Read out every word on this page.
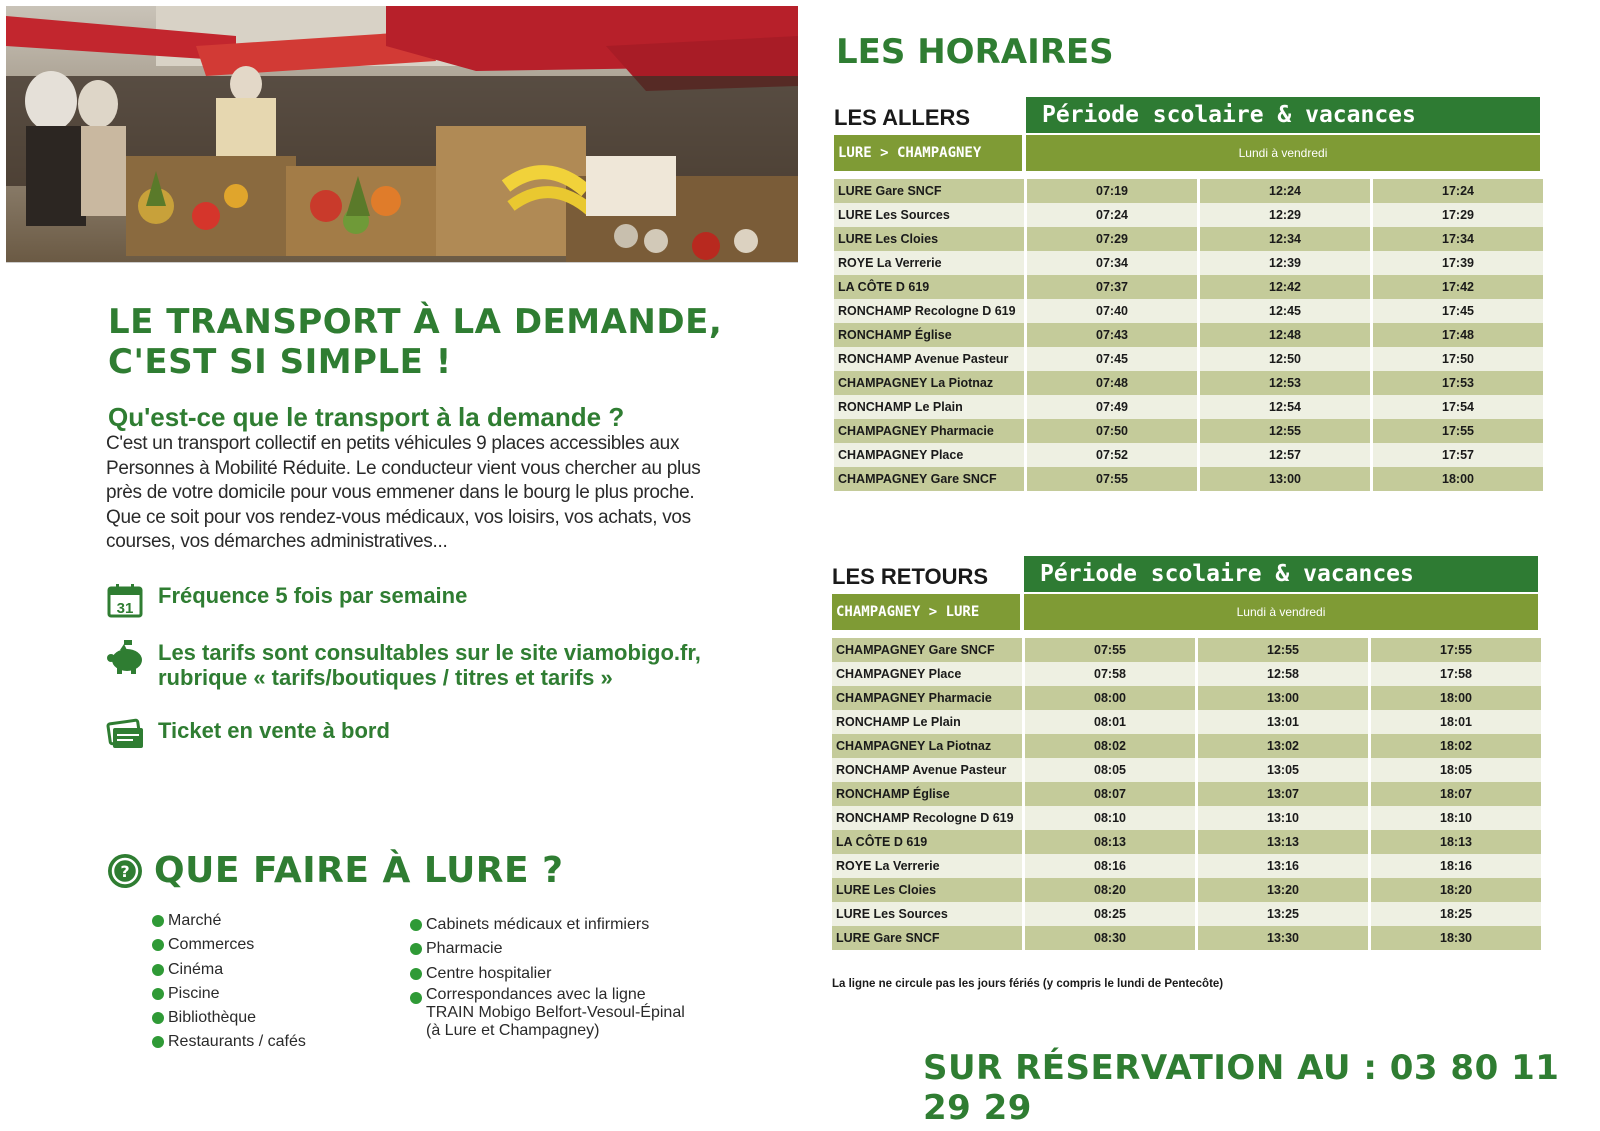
LE TRANSPORT À LA DEMANDE,
C'EST SI SIMPLE !
Qu'est-ce que le transport à la demande ?

C'est un transport collectif en petits véhicules 9 places accessibles aux Personnes à Mobilité Réduite. Le conducteur vient vous chercher au plus près de votre domicile pour vous emmener dans le bourg le plus proche. Que ce soit pour vos rendez-vous médicaux, vos loisirs, vos achats, vos courses, vos démarches administratives...

31
Fréquence 5 fois par semaine
Les tarifs sont consultables sur le site viamobigo.fr,
rubrique « tarifs/boutiques / titres et tarifs »
Ticket en vente à bord
? QUE FAIRE À LURE ?
Marché
Commerces
Cinéma
Piscine
Bibliothèque
Restaurants / cafés
Cabinets médicaux et infirmiers
Pharmacie
Centre hospitalier
Correspondances avec la ligne
TRAIN Mobigo Belfort-Vesoul-Épinal
(à Lure et Champagney)
LES HORAIRES
LES ALLERS	Période scolaire & vacances
LURE > CHAMPAGNEY	Lundi à vendredi
LURE Gare SNCF	07:19	12:24	17:24
LURE Les Sources	07:24	12:29	17:29
LURE Les Cloies	07:29	12:34	17:34
ROYE La Verrerie	07:34	12:39	17:39
LA CÔTE D 619	07:37	12:42	17:42
RONCHAMP Recologne D 619	07:40	12:45	17:45
RONCHAMP Église	07:43	12:48	17:48
RONCHAMP Avenue Pasteur	07:45	12:50	17:50
CHAMPAGNEY La Piotnaz	07:48	12:53	17:53
RONCHAMP Le Plain	07:49	12:54	17:54
CHAMPAGNEY Pharmacie	07:50	12:55	17:55
CHAMPAGNEY Place	07:52	12:57	17:57
CHAMPAGNEY Gare SNCF	07:55	13:00	18:00
LES RETOURS	Période scolaire & vacances
CHAMPAGNEY > LURE	Lundi à vendredi
CHAMPAGNEY Gare SNCF	07:55	12:55	17:55
CHAMPAGNEY Place	07:58	12:58	17:58
CHAMPAGNEY Pharmacie	08:00	13:00	18:00
RONCHAMP Le Plain	08:01	13:01	18:01
CHAMPAGNEY La Piotnaz	08:02	13:02	18:02
RONCHAMP Avenue Pasteur	08:05	13:05	18:05
RONCHAMP Église	08:07	13:07	18:07
RONCHAMP Recologne D 619	08:10	13:10	18:10
LA CÔTE D 619	08:13	13:13	18:13
ROYE La Verrerie	08:16	13:16	18:16
LURE Les Cloies	08:20	13:20	18:20
LURE Les Sources	08:25	13:25	18:25
LURE Gare SNCF	08:30	13:30	18:30

La ligne ne circule pas les jours fériés (y compris le lundi de Pentecôte)

SUR RÉSERVATION AU : 03 80 11 29 29
